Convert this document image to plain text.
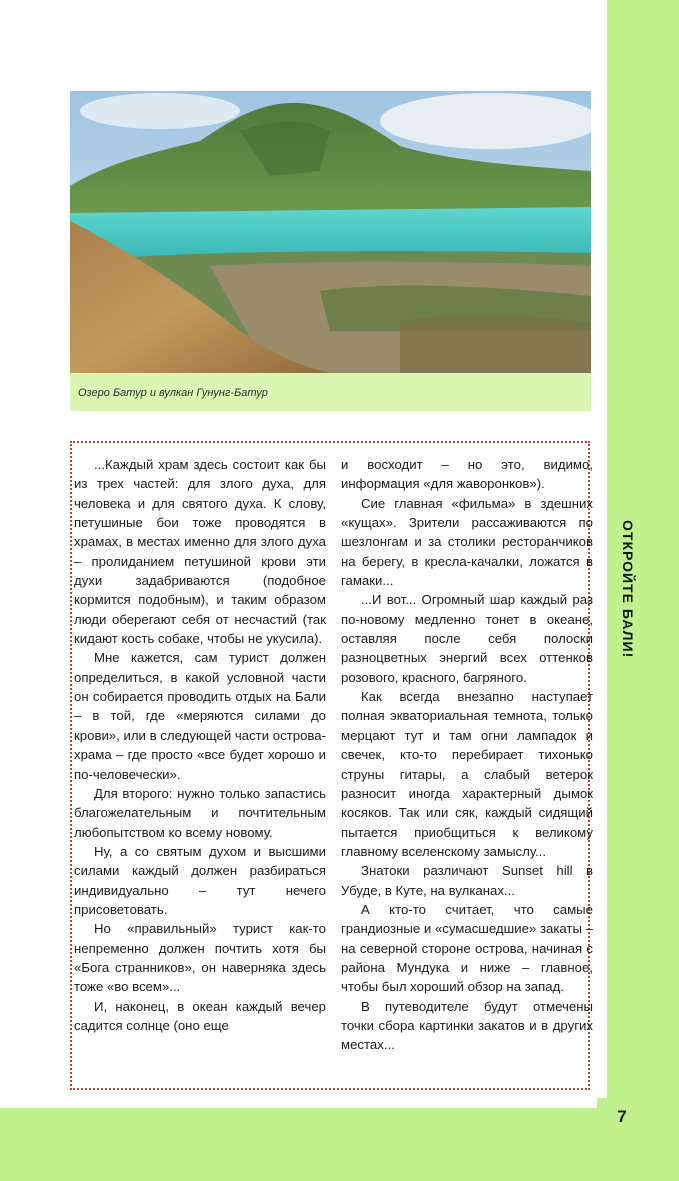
7
ОТКРОЙТЕ БАЛИ!
Озеро Батур и вулкан Гунунг-Батур

...Каждый храм здесь состоит как бы из трех частей: для злого духа, для человека и для святого духа. К слову, петушиные бои тоже проводятся в храмах, в местах именно для злого духа – пролиданием петушиной крови эти духи задабриваются (подобное кормится подобным), и таким образом люди оберегают себя от несчастий (так кидают кость собаке, чтобы не укусила).

Мне кажется, сам турист должен определиться, в какой условной части он собирается проводить отдых на Бали – в той, где «меряются силами до крови», или в следующей части острова-храма – где просто «все будет хорошо и по-человечески».

Для второго: нужно только запастись благожелательным и почтительным любопытством ко всему новому.

Ну, а со святым духом и высшими силами каждый должен разбираться индивидуально – тут нечего присоветовать.

Но «правильный» турист как-то непременно должен почтить хотя бы «Бога странников», он наверняка здесь тоже «во всем»...

И, наконец, в океан каждый вечер садится солнце (оно еще

и восходит – но это, видимо, информация «для жаворонков»).

Сие главная «фильма» в здешних «кущах». Зрители рассаживаются по шезлонгам и за столики ресторанчиков на берегу, в кресла-качалки, ложатся в гамаки...

...И вот... Огромный шар каждый раз по-новому медленно тонет в океане, оставляя после себя полоски разноцветных энергий всех оттенков розового, красного, багряного.

Как всегда внезапно наступает полная экваториальная темнота, только мерцают тут и там огни лампадок и свечек, кто-то перебирает тихонько струны гитары, а слабый ветерок разносит иногда характерный дымок косяков. Так или сяк, каждый сидящий пытается приобщиться к великому главному вселенскому замыслу...

Знатоки различают Sunset hill в Убуде, в Куте, на вулканах...

А кто-то считает, что самые грандиозные и «сумасшедшие» закаты – на северной стороне острова, начиная с района Мундука и ниже – главное, чтобы был хороший обзор на запад.

В путеводителе будут отмечены точки сбора картинки закатов и в других местах...
